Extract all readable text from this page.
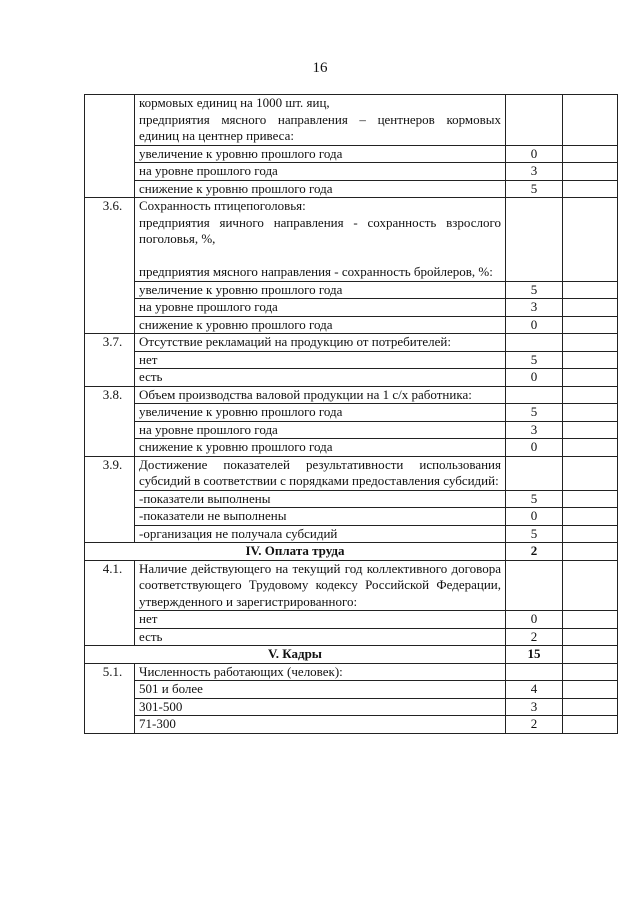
16

	кормовых единиц на 1000 шт. яиц,
предприятия мясного направления – центнеров кормовых единиц на центнер привеса:		

	увеличение к уровню прошлого года	0	
	на уровне прошлого года	3	
	снижение к уровню прошлого года	5	
3.6.	Сохранность птицепоголовья:
предприятия яичного направления - сохранность взрослого поголовья, %,
предприятия мясного направления - сохранность бройлеров, %:		

	увеличение к уровню прошлого года	5	
	на уровне прошлого года	3	
	снижение к уровню прошлого года	0	
3.7.	Отсутствие рекламаций на продукцию от потребителей:		

	нет	5	
	есть	0	
3.8.	Объем производства валовой продукции на 1 с/х работника:		

	увеличение к уровню прошлого года	5	
	на уровне прошлого года	3	
	снижение к уровню прошлого года	0	
3.9.	Достижение показателей результативности использования субсидий в соответствии с порядками предоставления субсидий:		

	-показатели выполнены	5	
	-показатели не выполнены	0	
	-организация не получала субсидий	5	
IV. Оплата труда		2	
4.1.	Наличие действующего на текущий год коллективного договора соответствующего Трудовому кодексу Российской Федерации, утвержденного и зарегистрированного:		

	нет	0	
	есть	2	
V. Кадры		15	
5.1.	Численность работающих (человек):		

	501 и более	4	
	301-500	3	
	71-300	2	
